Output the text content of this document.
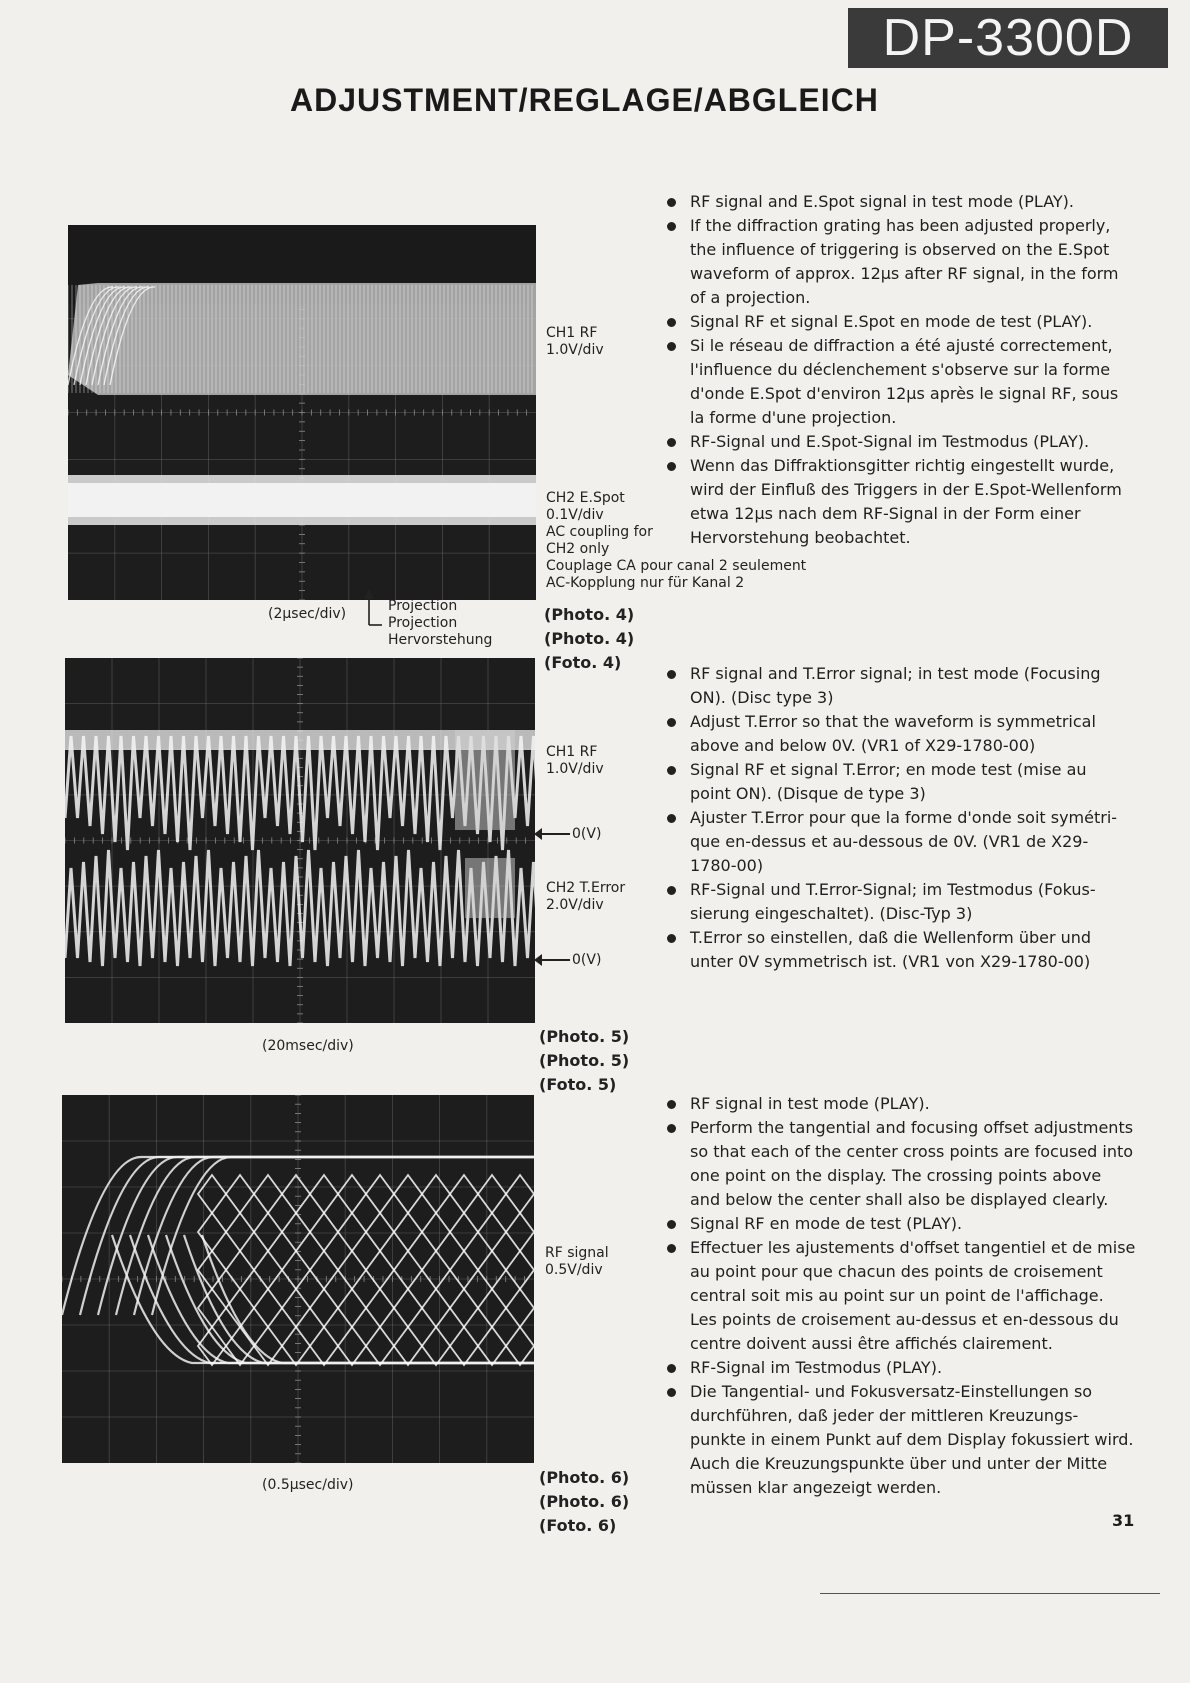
DP-3300D
ADJUSTMENT/REGLAGE/ABGLEICH
CH1 RF
1.0V/div
CH2 E.Spot
0.1V/div
AC coupling for
CH2 only
Couplage CA pour canal 2 seulement
AC-Kopplung nur für Kanal 2
(2μsec/div)	Projection
Projection
Hervorstehung
(Photo. 4)
(Photo. 4)
(Foto. 4)
RF signal and E.Spot signal in test mode (PLAY).
If the diffraction grating has been adjusted properly,
the influence of triggering is observed on the E.Spot
waveform of approx. 12μs after RF signal, in the form
of a projection.
Signal RF et signal E.Spot en mode de test (PLAY).
Si le réseau de diffraction a été ajusté correctement,
l'influence du déclenchement s'observe sur la forme
d'onde E.Spot d'environ 12μs après le signal RF, sous
la forme d'une projection.
RF-Signal und E.Spot-Signal im Testmodus (PLAY).
Wenn das Diffraktionsgitter richtig eingestellt wurde,
wird der Einfluß des Triggers in der E.Spot-Wellenform
etwa 12μs nach dem RF-Signal in der Form einer
Hervorstehung beobachtet.
CH1 RF
1.0V/div
CH2 T.Error
2.0V/div
0(V)
0(V)
(20msec/div)	(Photo. 5)
(Photo. 5)
(Foto. 5)
RF signal and T.Error signal; in test mode (Focusing
ON). (Disc type 3)
Adjust T.Error so that the waveform is symmetrical
above and below 0V. (VR1 of X29-1780-00)
Signal RF et signal T.Error; en mode test (mise au
point ON). (Disque de type 3)
Ajuster T.Error pour que la forme d'onde soit symétri-
que en-dessus et au-dessous de 0V. (VR1 de X29-
1780-00)
RF-Signal und T.Error-Signal; im Testmodus (Fokus-
sierung eingeschaltet). (Disc-Typ 3)
T.Error so einstellen, daß die Wellenform über und
unter 0V symmetrisch ist. (VR1 von X29-1780-00)
RF signal
0.5V/div
(0.5μsec/div)	(Photo. 6)
(Photo. 6)
(Foto. 6)
RF signal in test mode (PLAY).
Perform the tangential and focusing offset adjustments
so that each of the center cross points are focused into
one point on the display. The crossing points above
and below the center shall also be displayed clearly.
Signal RF en mode de test (PLAY).
Effectuer les ajustements d'offset tangentiel et de mise
au point pour que chacun des points de croisement
central soit mis au point sur un point de l'affichage.
Les points de croisement au-dessus et en-dessous du
centre doivent aussi être affichés clairement.
RF-Signal im Testmodus (PLAY).
Die Tangential- und Fokusversatz-Einstellungen so
durchführen, daß jeder der mittleren Kreuzungs-
punkte in einem Punkt auf dem Display fokussiert wird.
Auch die Kreuzungspunkte über und unter der Mitte
müssen klar angezeigt werden.
31
